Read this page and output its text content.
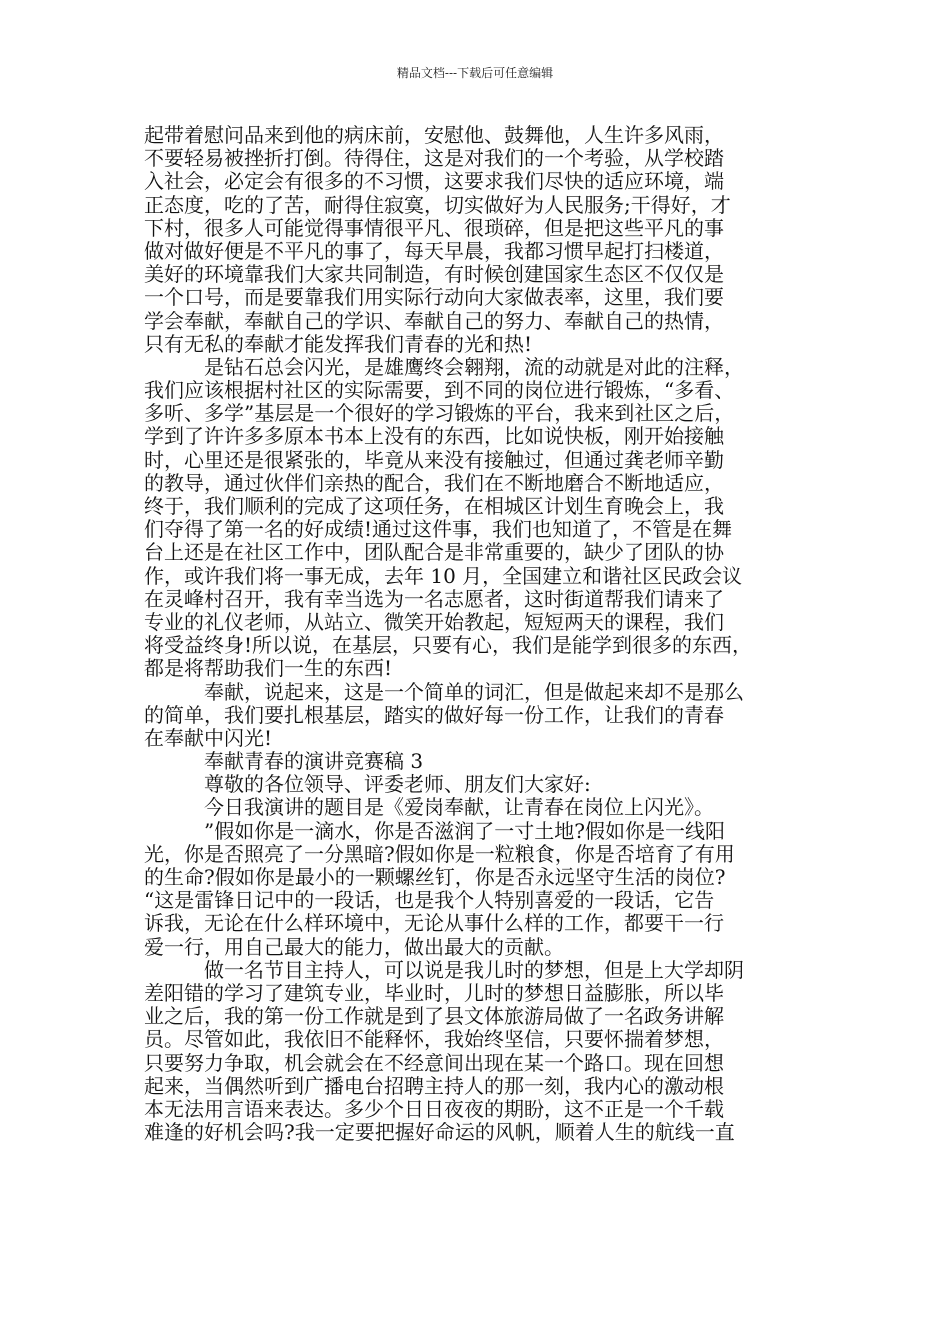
精品文档---下载后可任意编辑
起带着慰问品来到他的病床前，安慰他、鼓舞他，人生许多风雨，
不要轻易被挫折打倒。待得住，这是对我们的一个考验，从学校踏
入社会，必定会有很多的不习惯，这要求我们尽快的适应环境，端
正态度，吃的了苦，耐得住寂寞，切实做好为人民服务;干得好，才
下村，很多人可能觉得事情很平凡、很琐碎，但是把这些平凡的事
做对做好便是不平凡的事了，每天早晨，我都习惯早起打扫楼道，
美好的环境靠我们大家共同制造，有时候创建国家生态区不仅仅是
一个口号，而是要靠我们用实际行动向大家做表率，这里，我们要
学会奉献，奉献自己的学识、奉献自己的努力、奉献自己的热情，
只有无私的奉献才能发挥我们青春的光和热!
是钻石总会闪光，是雄鹰终会翱翔，流的动就是对此的注释，
我们应该根据村社区的实际需要，到不同的岗位进行锻炼，“多看、
多听、多学”基层是一个很好的学习锻炼的平台，我来到社区之后，
学到了许许多多原本书本上没有的东西，比如说快板，刚开始接触
时，心里还是很紧张的，毕竟从来没有接触过，但通过龚老师辛勤
的教导，通过伙伴们亲热的配合，我们在不断地磨合不断地适应，
终于，我们顺利的完成了这项任务，在相城区计划生育晚会上，我
们夺得了第一名的好成绩!通过这件事，我们也知道了，不管是在舞
台上还是在社区工作中，团队配合是非常重要的，缺少了团队的协
作，或许我们将一事无成，去年 10 月，全国建立和谐社区民政会议
在灵峰村召开，我有幸当选为一名志愿者，这时街道帮我们请来了
专业的礼仪老师，从站立、微笑开始教起，短短两天的课程，我们
将受益终身!所以说，在基层，只要有心，我们是能学到很多的东西，
都是将帮助我们一生的东西!
奉献，说起来，这是一个简单的词汇，但是做起来却不是那么
的简单，我们要扎根基层，踏实的做好每一份工作，让我们的青春
在奉献中闪光!
奉献青春的演讲竞赛稿 3
尊敬的各位领导、评委老师、朋友们大家好:
今日我演讲的题目是《爱岗奉献，让青春在岗位上闪光》。
”假如你是一滴水，你是否滋润了一寸土地?假如你是一线阳
光，你是否照亮了一分黑暗?假如你是一粒粮食，你是否培育了有用
的生命?假如你是最小的一颗螺丝钉，你是否永远坚守生活的岗位?
“这是雷锋日记中的一段话，也是我个人特别喜爱的一段话，它告
诉我，无论在什么样环境中，无论从事什么样的工作，都要干一行
爱一行，用自己最大的能力，做出最大的贡献。
做一名节目主持人，可以说是我儿时的梦想，但是上大学却阴
差阳错的学习了建筑专业，毕业时，儿时的梦想日益膨胀，所以毕
业之后，我的第一份工作就是到了县文体旅游局做了一名政务讲解
员。尽管如此，我依旧不能释怀，我始终坚信，只要怀揣着梦想，
只要努力争取，机会就会在不经意间出现在某一个路口。现在回想
起来，当偶然听到广播电台招聘主持人的那一刻，我内心的激动根
本无法用言语来表达。多少个日日夜夜的期盼，这不正是一个千载
难逢的好机会吗?我一定要把握好命运的风帆，顺着人生的航线一直
